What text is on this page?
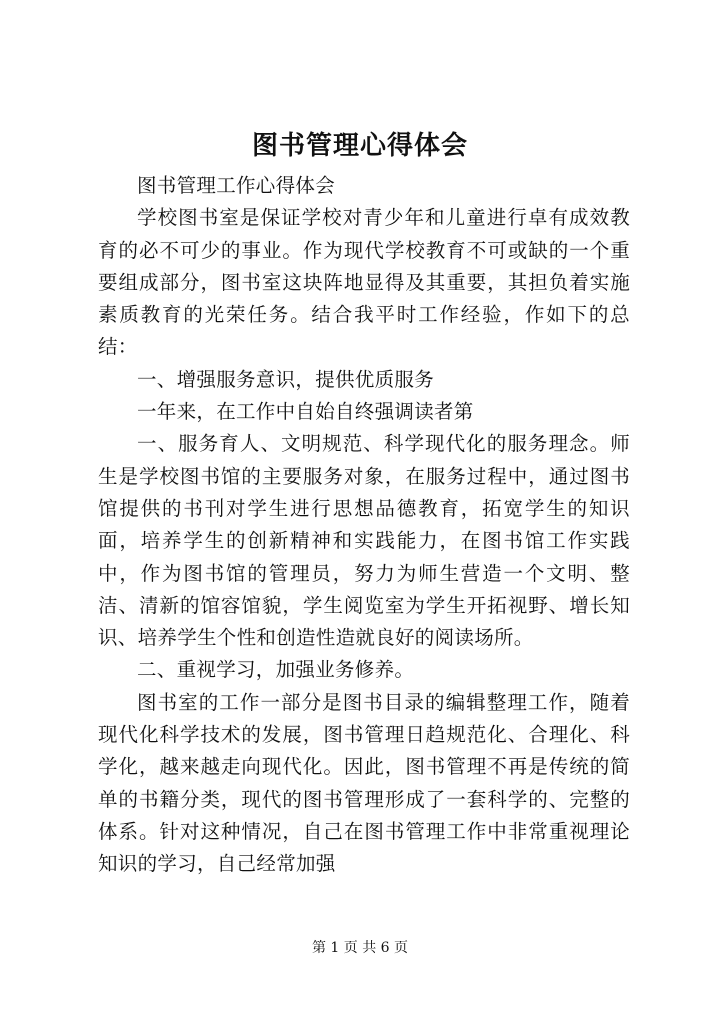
图书管理心得体会

图书管理工作心得体会

学校图书室是保证学校对青少年和儿童进行卓有成效教育的必不可少的事业。作为现代学校教育不可或缺的一个重要组成部分，图书室这块阵地显得及其重要，其担负着实施素质教育的光荣任务。结合我平时工作经验，作如下的总结：

一、增强服务意识，提供优质服务

一年来，在工作中自始自终强调读者第

一、服务育人、文明规范、科学现代化的服务理念。师生是学校图书馆的主要服务对象，在服务过程中，通过图书馆提供的书刊对学生进行思想品德教育，拓宽学生的知识面，培养学生的创新精神和实践能力，在图书馆工作实践中，作为图书馆的管理员，努力为师生营造一个文明、整洁、清新的馆容馆貌，学生阅览室为学生开拓视野、增长知识、培养学生个性和创造性造就良好的阅读场所。

二、重视学习，加强业务修养。

图书室的工作一部分是图书目录的编辑整理工作，随着现代化科学技术的发展，图书管理日趋规范化、合理化、科学化，越来越走向现代化。因此，图书管理不再是传统的简单的书籍分类，现代的图书管理形成了一套科学的、完整的体系。针对这种情况，自己在图书管理工作中非常重视理论知识的学习，自己经常加强

第 1 页 共 6 页
